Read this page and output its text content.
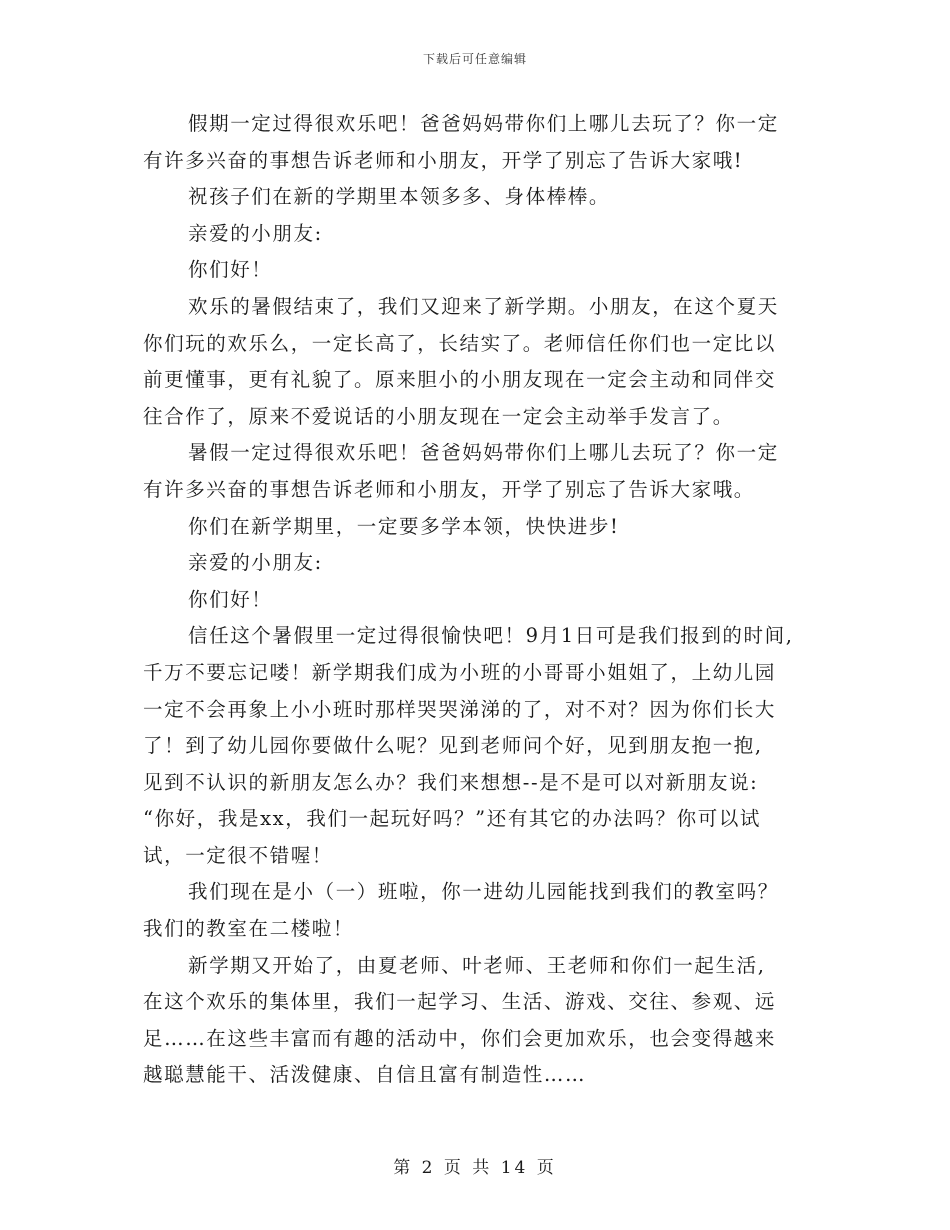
下载后可任意编辑
假期一定过得很欢乐吧！爸爸妈妈带你们上哪儿去玩了？你一定
有许多兴奋的事想告诉老师和小朋友，开学了别忘了告诉大家哦!
祝孩子们在新的学期里本领多多、身体棒棒。
亲爱的小朋友:
你们好！
欢乐的暑假结束了，我们又迎来了新学期。小朋友，在这个夏天
你们玩的欢乐么，一定长高了，长结实了。老师信任你们也一定比以
前更懂事，更有礼貌了。原来胆小的小朋友现在一定会主动和同伴交
往合作了，原来不爱说话的小朋友现在一定会主动举手发言了。
暑假一定过得很欢乐吧！爸爸妈妈带你们上哪儿去玩了？你一定
有许多兴奋的事想告诉老师和小朋友，开学了别忘了告诉大家哦。
你们在新学期里，一定要多学本领，快快进步!
亲爱的小朋友:
你们好！
信任这个暑假里一定过得很愉快吧！9月1日可是我们报到的时间,
千万不要忘记喽！新学期我们成为小班的小哥哥小姐姐了，上幼儿园
一定不会再象上小小班时那样哭哭涕涕的了，对不对？因为你们长大
了！到了幼儿园你要做什么呢？见到老师问个好，见到朋友抱一抱,
见到不认识的新朋友怎么办？我们来想想--是不是可以对新朋友说:
“你好，我是xx，我们一起玩好吗？”还有其它的办法吗？你可以试
试，一定很不错喔！
我们现在是小（一）班啦，你一进幼儿园能找到我们的教室吗？
我们的教室在二楼啦！
新学期又开始了，由夏老师、叶老师、王老师和你们一起生活,
在这个欢乐的集体里，我们一起学习、生活、游戏、交往、参观、远
足……在这些丰富而有趣的活动中，你们会更加欢乐，也会变得越来
越聪慧能干、活泼健康、自信且富有制造性……
第 2 页 共 14 页
